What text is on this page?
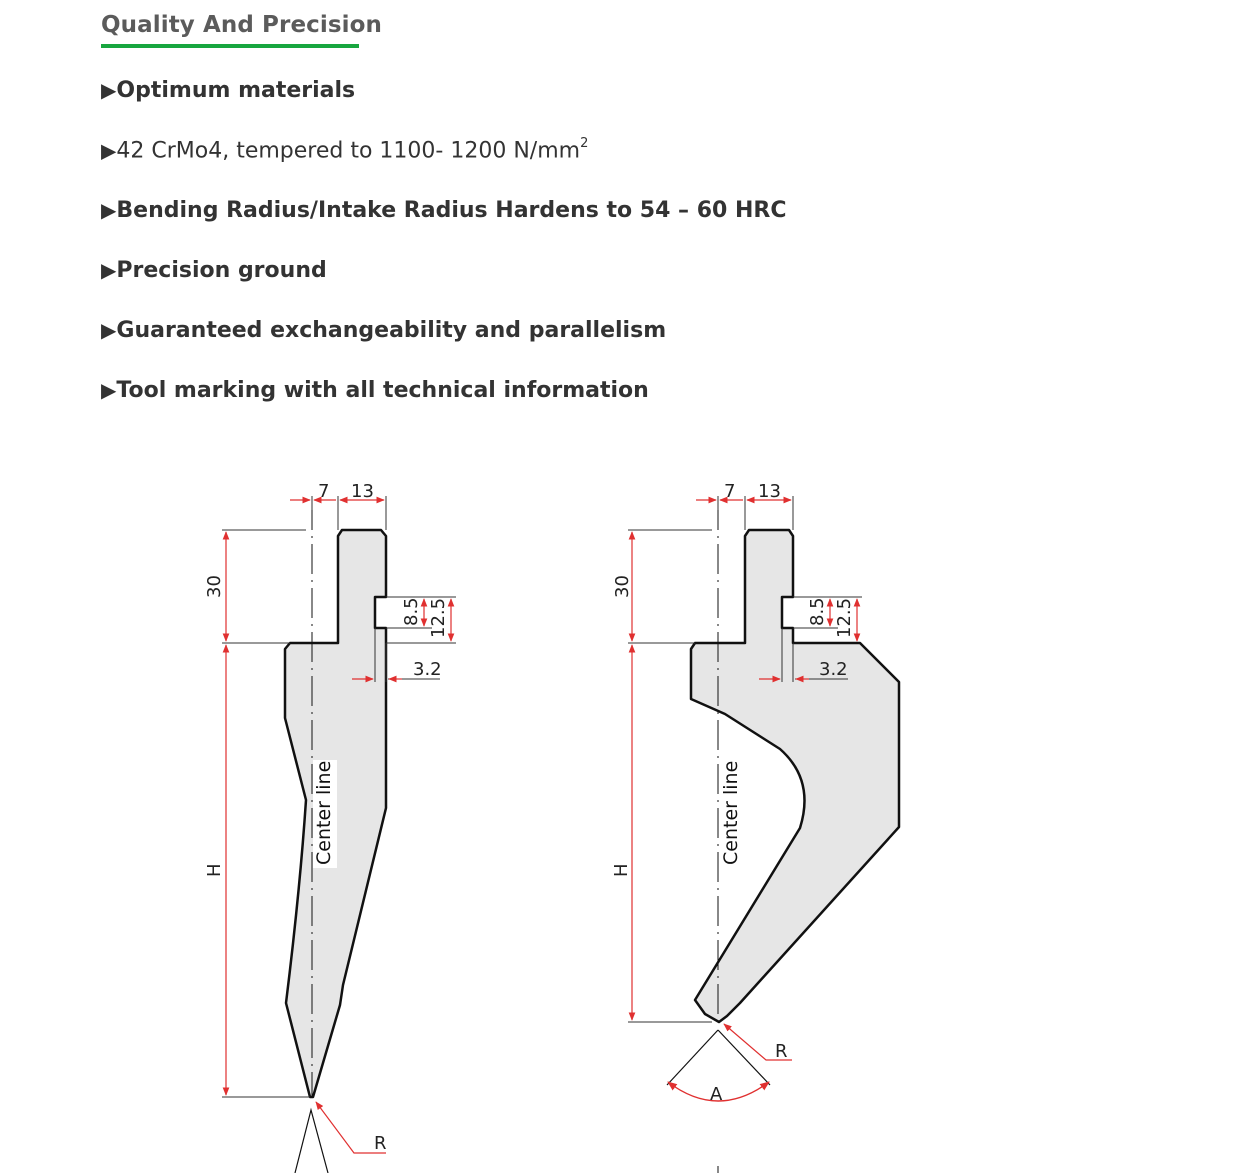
Quality And Precision
▶Optimum materials
▶42 CrMo4, tempered to 1100- 1200 $N/mm^2$
▶Bending Radius/Intake Radius Hardens to 54 – 60 HRC
▶Precision ground
▶Guaranteed exchangeability and parallelism
▶Tool marking with all technical information
7 13
30
8.5 12.5
3.2
H
Center line
R
7 13
30
8.5 12.5
3.2
H
Center line
R
A
